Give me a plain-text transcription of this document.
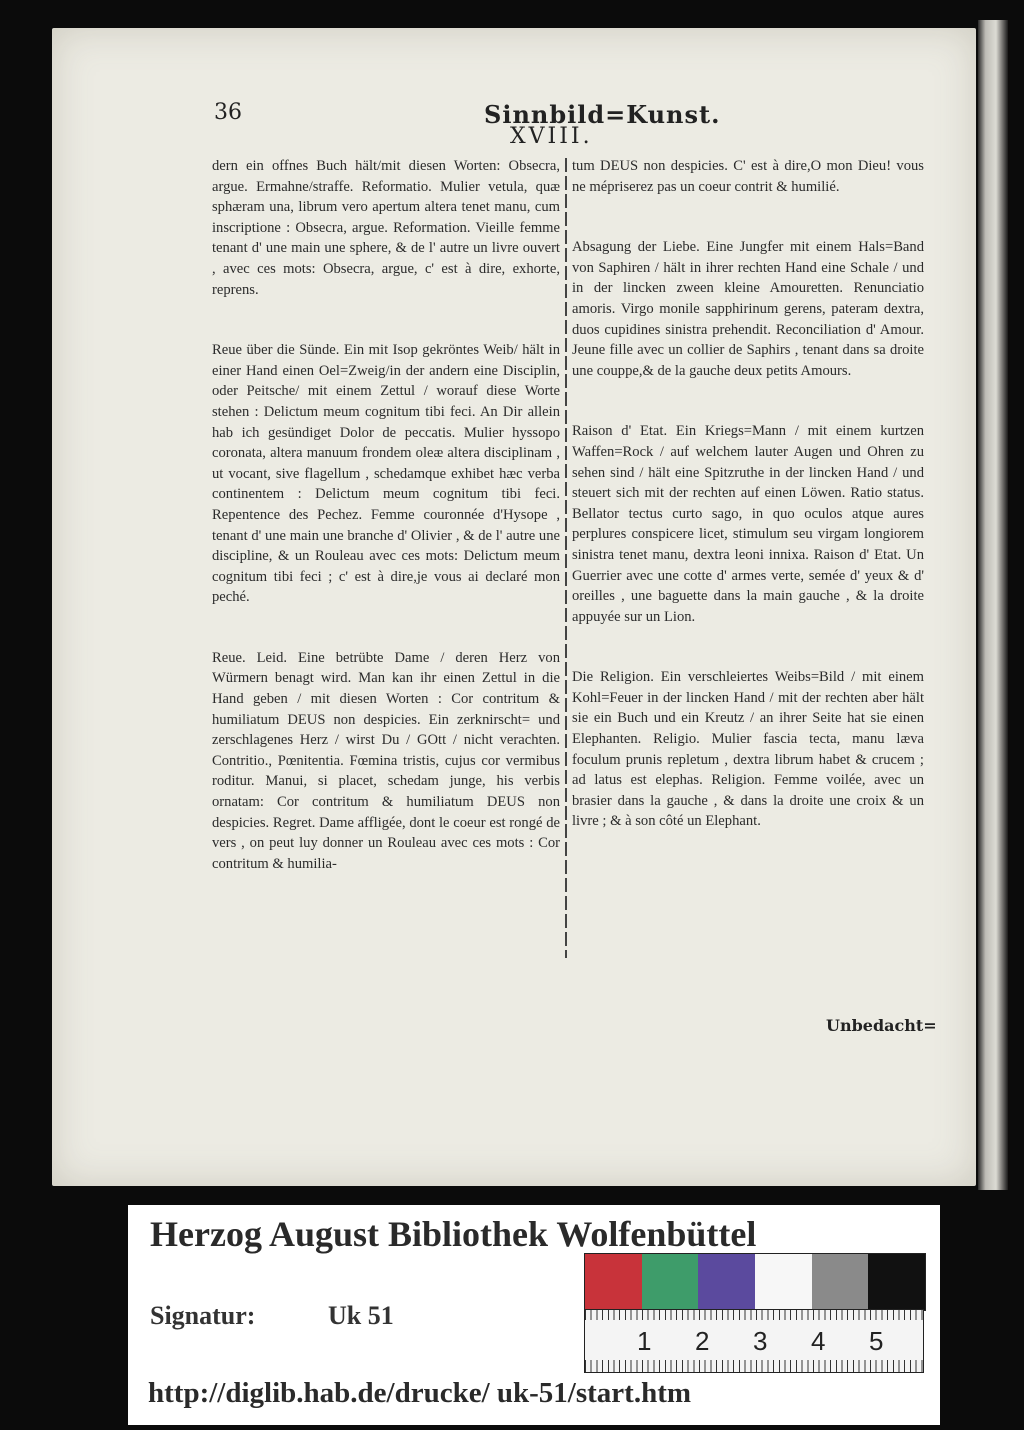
36	Sinnbild=Kunst.
XVIII.

dern ein offnes Buch hält/mit diesen Worten: Obsecra, argue. Ermahne/straffe. Reformatio. Mulier vetula, quæ sphæram una, librum vero apertum altera tenet manu, cum inscriptione : Obsecra, argue. Reformation. Vieille femme tenant d' une main une sphere, & de l' autre un livre ouvert , avec ces mots: Obsecra, argue, c' est à dire, exhorte, reprens.

Reue über die Sünde. Ein mit Isop gekröntes Weib/ hält in einer Hand einen Oel=Zweig/in der andern eine Disciplin, oder Peitsche/ mit einem Zettul / worauf diese Worte stehen : Delictum meum cognitum tibi feci. An Dir allein hab ich gesündiget Dolor de peccatis. Mulier hyssopo coronata, altera manuum frondem oleæ altera disciplinam , ut vocant, sive flagellum , schedamque exhibet hæc verba continentem : Delictum meum cognitum tibi feci. Repentence des Pechez. Femme couronnée d'Hysope , tenant d' une main une branche d' Olivier , & de l' autre une discipline, & un Rouleau avec ces mots: Delictum meum cognitum tibi feci ; c' est à dire,je vous ai declaré mon peché.

Reue. Leid. Eine betrübte Dame / deren Herz von Würmern benagt wird. Man kan ihr einen Zettul in die Hand geben / mit diesen Worten : Cor contritum & humiliatum DEUS non despicies. Ein zerknirscht= und zerschlagenes Herz / wirst Du / GOtt / nicht verachten. Contritio., Pœnitentia. Fœmina tristis, cujus cor vermibus roditur. Manui, si placet, schedam junge, his verbis ornatam: Cor contritum & humiliatum DEUS non despicies. Regret. Dame affligée, dont le coeur est rongé de vers , on peut luy donner un Rouleau avec ces mots : Cor contritum & humilia-

tum DEUS non despicies. C' est à dire,O mon Dieu! vous ne mépriserez pas un coeur contrit & humilié.

Absagung der Liebe. Eine Jungfer mit einem Hals=Band von Saphiren / hält in ihrer rechten Hand eine Schale / und in der lincken zween kleine Amouretten. Renunciatio amoris. Virgo monile sapphirinum gerens, pateram dextra, duos cupidines sinistra prehendit. Reconciliation d' Amour. Jeune fille avec un collier de Saphirs , tenant dans sa droite une couppe,& de la gauche deux petits Amours.

Raison d' Etat. Ein Kriegs=Mann / mit einem kurtzen Waffen=Rock / auf welchem lauter Augen und Ohren zu sehen sind / hält eine Spitzruthe in der lincken Hand / und steuert sich mit der rechten auf einen Löwen. Ratio status. Bellator tectus curto sago, in quo oculos atque aures perplures conspicere licet, stimulum seu virgam longiorem sinistra tenet manu, dextra leoni innixa. Raison d' Etat. Un Guerrier avec une cotte d' armes verte, semée d' yeux & d' oreilles , une baguette dans la main gauche , & la droite appuyée sur un Lion.

Die Religion. Ein verschleiertes Weibs=Bild / mit einem Kohl=Feuer in der lincken Hand / mit der rechten aber hält sie ein Buch und ein Kreutz / an ihrer Seite hat sie einen Elephanten. Religio. Mulier fascia tecta, manu læva foculum prunis repletum , dextra librum habet & crucem ; ad latus est elephas. Religion. Femme voilée, avec un brasier dans la gauche , & dans la droite une croix & un livre ; & à son côté un Elephant.

Unbedacht=
Herzog August Bibliothek Wolfenbüttel
Signatur:	Uk 51
1 2 3 4 5
http://diglib.hab.de/drucke/ uk-51/start.htm
